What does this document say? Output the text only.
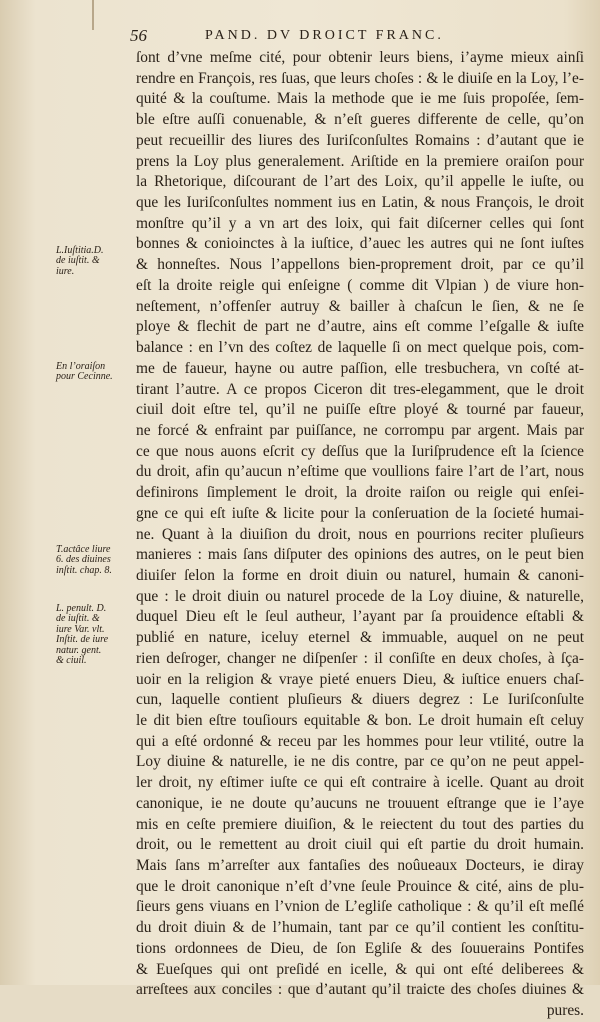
56	PAND. DV DROICT FRANC.
ſont d’vne meſme cité, pour obtenir leurs biens, i’ayme mieux ainſi
rendre en François, res ſuas, que leurs choſes : & le diuiſe en la Loy, l’e-
quité & la couſtume. Mais la methode que ie me ſuis propoſée, ſem-
ble eſtre auſſi conuenable, & n’eſt gueres differente de celle, qu’on
peut recueillir des liures des Iuriſconſultes Romains : d’autant que ie
prens la Loy plus generalement. Ariſtide en la premiere oraiſon pour
la Rhetorique, diſcourant de l’art des Loix, qu’il appelle le iuſte, ou
que les Iuriſconſultes nomment ius en Latin, & nous François, le droit
monſtre qu’il y a vn art des loix, qui fait diſcerner celles qui ſont
bonnes & conioinctes à la iuſtice, d’auec les autres qui ne ſont iuſtes
& honneſtes. Nous l’appellons bien-proprement droit, par ce qu’il
eſt la droite reigle qui enſeigne ( comme dit Vlpian ) de viure hon-
neſtement, n’offenſer autruy & bailler à chaſcun le ſien, & ne ſe
ploye & flechit de part ne d’autre, ains eſt comme l’eſgalle & iuſte
balance : en l’vn des coſtez de laquelle ſi on mect quelque pois, com-
me de faueur, hayne ou autre paſſion, elle tresbuchera, vn coſté at-
tirant l’autre. A ce propos Ciceron dit tres-elegamment, que le droit
ciuil doit eſtre tel, qu’il ne puiſſe eſtre ployé & tourné par faueur,
ne forcé & enfraint par puiſſance, ne corrompu par argent. Mais par
ce que nous auons eſcrit cy deſſus que la Iuriſprudence eſt la ſcience
du droit, afin qu’aucun n’eſtime que voullions faire l’art de l’art, nous
definirons ſimplement le droit, la droite raiſon ou reigle qui enſei-
gne ce qui eſt iuſte & licite pour la conſeruation de la ſocieté humai-
ne. Quant à la diuiſion du droit, nous en pourrions reciter pluſieurs
manieres : mais ſans diſputer des opinions des autres, on le peut bien
diuiſer ſelon la forme en droit diuin ou naturel, humain & canoni-
que : le droit diuin ou naturel procede de la Loy diuine, & naturelle,
duquel Dieu eſt le ſeul autheur, l’ayant par ſa prouidence eſtabli &
publié en nature, iceluy eternel & immuable, auquel on ne peut
rien deſroger, changer ne diſpenſer : il conſiſte en deux choſes, à ſça-
uoir en la religion & vraye pieté enuers Dieu, & iuſtice enuers chaſ-
cun, laquelle contient pluſieurs & diuers degrez : Le Iuriſconſulte
le dit bien eſtre touſiours equitable & bon. Le droit humain eſt celuy
qui a eſté ordonné & receu par les hommes pour leur vtilité, outre la
Loy diuine & naturelle, ie ne dis contre, par ce qu’on ne peut appel-
ler droit, ny eſtimer iuſte ce qui eſt contraire à icelle. Quant au droit
canonique, ie ne doute qu’aucuns ne trouuent eſtrange que ie l’aye
mis en ceſte premiere diuiſion, & le reiectent du tout des parties du
droit, ou le remettent au droit ciuil qui eſt partie du droit humain.
Mais ſans m’arreſter aux fantaſies des noûueaux Docteurs, ie diray
que le droit canonique n’eſt d’vne ſeule Prouince & cité, ains de plu-
ſieurs gens viuans en l’vnion de L’egliſe catholique : & qu’il eſt meſlé
du droit diuin & de l’humain, tant par ce qu’il contient les conſtitu-
tions ordonnees de Dieu, de ſon Egliſe & des ſouuerains Pontifes
& Eueſques qui ont preſidé en icelle, & qui ont eſté deliberees &
arreſtees aux conciles : que d’autant qu’il traicte des choſes diuines &
pures.
L.Iuſtitia.D.
de iuſtit. &
iure.
En l’oraiſon
pour Cecinne.
T.actâce liure
6. des diuines
inſtit. chap. 8.
L. penult. D.
de iuſtit. &
iure Var. vlt.
Inſtit. de iure
natur. gent.
& ciuil.
